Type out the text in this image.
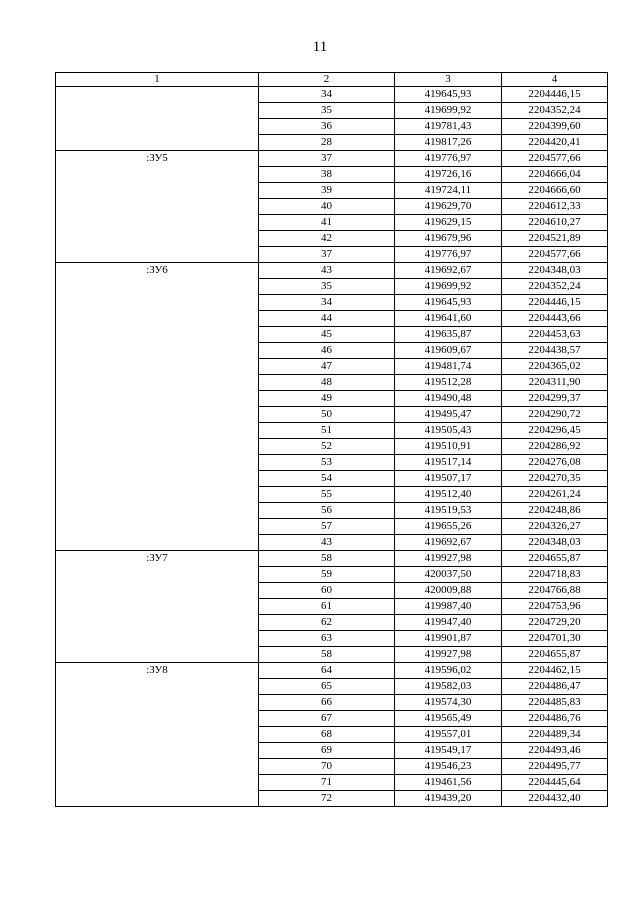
11
1	2	3	4
	34	419645,93	2204446,15
	35	419699,92	2204352,24
	36	419781,43	2204399,60
	28	419817,26	2204420,41
:ЗУ5	37	419776,97	2204577,66
	38	419726,16	2204666,04
	39	419724,11	2204666,60
	40	419629,70	2204612,33
	41	419629,15	2204610,27
	42	419679,96	2204521,89
	37	419776,97	2204577,66
:ЗУ6	43	419692,67	2204348,03
	35	419699,92	2204352,24
	34	419645,93	2204446,15
	44	419641,60	2204443,66
	45	419635,87	2204453,63
	46	419609,67	2204438,57
	47	419481,74	2204365,02
	48	419512,28	2204311,90
	49	419490,48	2204299,37
	50	419495,47	2204290,72
	51	419505,43	2204296,45
	52	419510,91	2204286,92
	53	419517,14	2204276,08
	54	419507,17	2204270,35
	55	419512,40	2204261,24
	56	419519,53	2204248,86
	57	419655,26	2204326,27
	43	419692,67	2204348,03
:ЗУ7	58	419927,98	2204655,87
	59	420037,50	2204718,83
	60	420009,88	2204766,88
	61	419987,40	2204753,96
	62	419947,40	2204729,20
	63	419901,87	2204701,30
	58	419927,98	2204655,87
:ЗУ8	64	419596,02	2204462,15
	65	419582,03	2204486,47
	66	419574,30	2204485,83
	67	419565,49	2204486,76
	68	419557,01	2204489,34
	69	419549,17	2204493,46
	70	419546,23	2204495,77
	71	419461,56	2204445,64
	72	419439,20	2204432,40
